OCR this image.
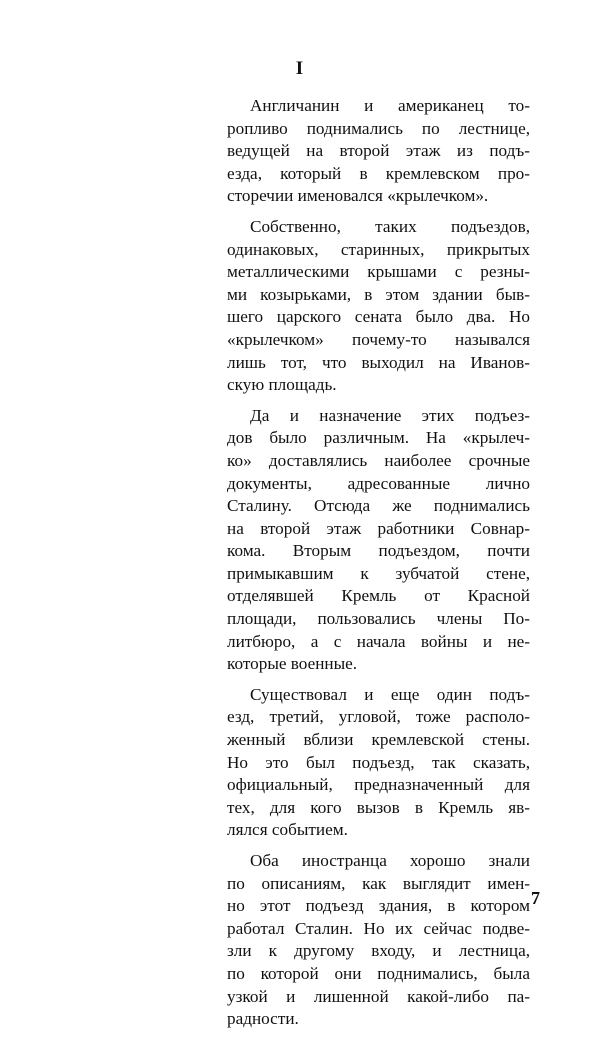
I
Англичанин и американец то-
ропливо поднимались по лестнице,
ведущей на второй этаж из подъ-
езда, который в кремлевском про-
сторечии именовался «крылечком».
Собственно, таких подъездов,
одинаковых, старинных, прикрытых
металлическими крышами с резны-
ми козырьками, в этом здании быв-
шего царского сената было два. Но
«крылечком» почему-то назывался
лишь тот, что выходил на Иванов-
скую площадь.
Да и назначение этих подъез-
дов было различным. На «крылеч-
ко» доставлялись наиболее срочные
документы, адресованные лично
Сталину. Отсюда же поднимались
на второй этаж работники Совнар-
кома. Вторым подъездом, почти
примыкавшим к зубчатой стене,
отделявшей Кремль от Красной
площади, пользовались члены По-
литбюро, а с начала войны и не-
которые военные.
Существовал и еще один подъ-
езд, третий, угловой, тоже располо-
женный вблизи кремлевской стены.
Но это был подъезд, так сказать,
официальный, предназначенный для
тех, для кого вызов в Кремль яв-
лялся событием.
Оба иностранца хорошо знали
по описаниям, как выглядит имен-
но этот подъезд здания, в котором
работал Сталин. Но их сейчас подве-
зли к другому входу, и лестница,
по которой они поднимались, была
узкой и лишенной какой-либо па-
радности.
7
